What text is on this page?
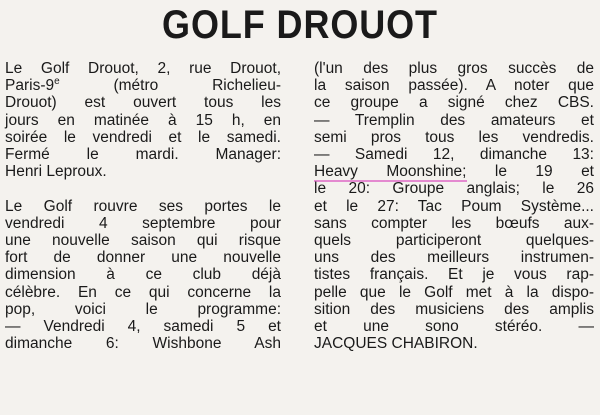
GOLF DROUOT
Le Golf Drouot, 2, rue Drouot,
Paris-9e (métro Richelieu-
Drouot) est ouvert tous les
jours en matinée à 15 h, en
soirée le vendredi et le samedi.
Fermé le mardi. Manager:
Henri Leproux.
Le Golf rouvre ses portes le
vendredi 4 septembre pour
une nouvelle saison qui risque
fort de donner une nouvelle
dimension à ce club déjà
célèbre. En ce qui concerne la
pop, voici le programme:
— Vendredi 4, samedi 5 et
dimanche 6: Wishbone Ash
(l'un des plus gros succès de
la saison passée). A noter que
ce groupe a signé chez CBS.
— Tremplin des amateurs et
semi pros tous les vendredis.
— Samedi 12, dimanche 13:
Heavy Moonshine; le 19 et
le 20: Groupe anglais; le 26
et le 27: Tac Poum Système...
sans compter les bœufs aux-
quels participeront quelques-
uns des meilleurs instrumen-
tistes français. Et je vous rap-
pelle que le Golf met à la dispo-
sition des musiciens des amplis
et une sono stéréo. —
JACQUES CHABIRON.
